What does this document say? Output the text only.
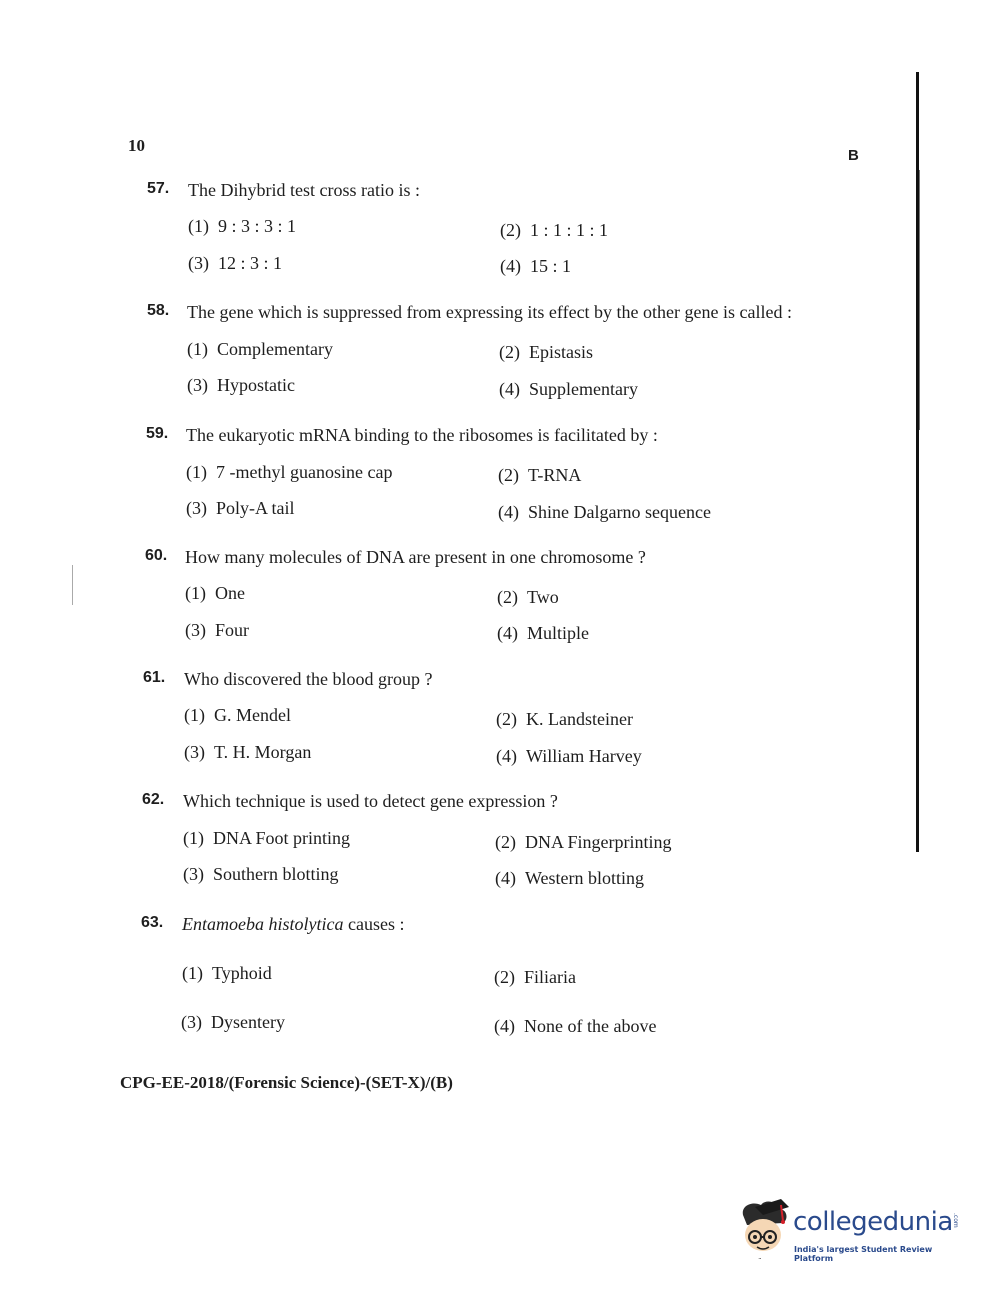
10
B
57. The Dihybrid test cross ratio is :
(1) 9 : 3 : 3 : 1	(2) 1 : 1 : 1 : 1
(3) 12 : 3 : 1	(4) 15 : 1
58. The gene which is suppressed from expressing its effect by the other gene is called :
(1) Complementary	(2) Epistasis
(3) Hypostatic	(4) Supplementary
59. The eukaryotic mRNA binding to the ribosomes is facilitated by :
(1) 7 -methyl guanosine cap	(2) T-RNA
(3) Poly-A tail	(4) Shine Dalgarno sequence
60. How many molecules of DNA are present in one chromosome ?
(1) One	(2) Two
(3) Four	(4) Multiple
61. Who discovered the blood group ?
(1) G. Mendel	(2) K. Landsteiner
(3) T. H. Morgan	(4) William Harvey
62. Which technique is used to detect gene expression ?
(1) DNA Foot printing	(2) DNA Fingerprinting
(3) Southern blotting	(4) Western blotting
63. Entamoeba histolytica causes :
(1) Typhoid	(2) Filiaria
(3) Dysentery	(4) None of the above
CPG-EE-2018/(Forensic Science)-(SET-X)/(B)
collegedunia .com
India's largest Student Review Platform
